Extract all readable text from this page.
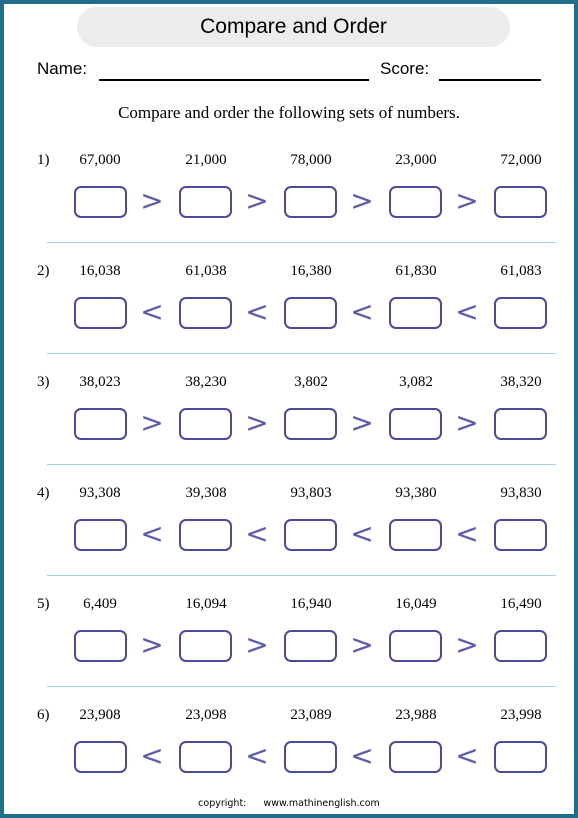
Compare and Order
Name:	Score:
Compare and order the following sets of numbers.
1)	67,000	21,000	78,000	23,000	72,000
>	>	>	>
2)	16,038	61,038	16,380	61,830	61,083
<	<	<	<
3)	38,023	38,230	3,802	3,082	38,320
>	>	>	>
4)	93,308	39,308	93,803	93,380	93,830
<	<	<	<
5)	6,409	16,094	16,940	16,049	16,490
>	>	>	>
6)	23,908	23,098	23,089	23,988	23,998
<	<	<	<
copyright: www.mathinenglish.com
